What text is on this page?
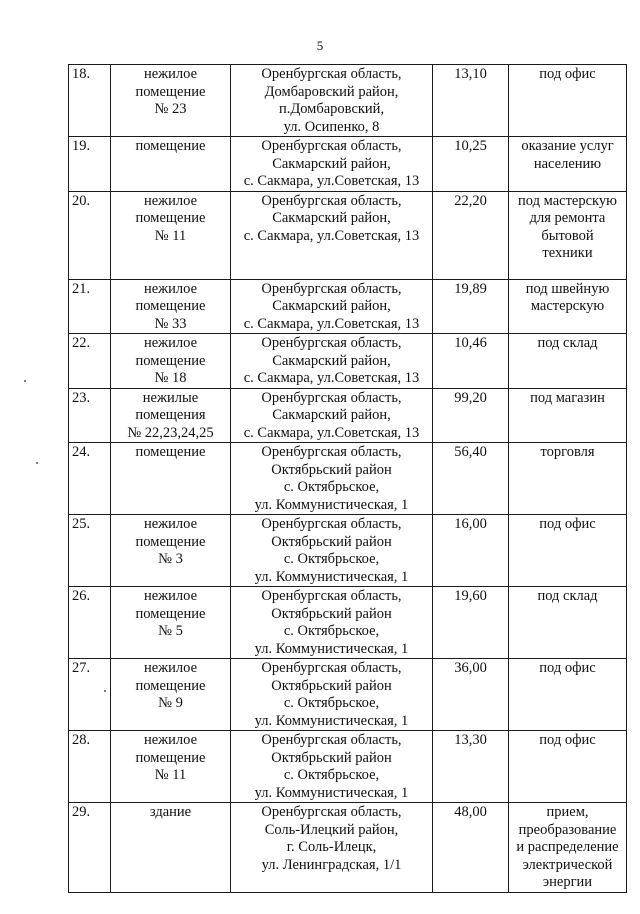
5
18.	нежилое
помещение
№ 23	Оренбургская область,
Домбаровский район,
п.Домбаровский,
ул. Осипенко, 8	13,10	под офис

19.	помещение	Оренбургская область,
Сакмарский район,
с. Сакмара, ул.Советская, 13	10,25	оказание услуг
населению

20.	нежилое
помещение
№ 11	Оренбургская область,
Сакмарский район,
с. Сакмара, ул.Советская, 13	22,20	под мастерскую
для ремонта
бытовой
техники

21.	нежилое
помещение
№ 33	Оренбургская область,
Сакмарский район,
с. Сакмара, ул.Советская, 13	19,89	под швейную
мастерскую

22.	нежилое
помещение
№ 18	Оренбургская область,
Сакмарский район,
с. Сакмара, ул.Советская, 13	10,46	под склад

23.	нежилые
помещения
№ 22,23,24,25	Оренбургская область,
Сакмарский район,
с. Сакмара, ул.Советская, 13	99,20	под магазин

24.	помещение	Оренбургская область,
Октябрьский район
с. Октябрьское,
ул. Коммунистическая, 1	56,40	торговля

25.	нежилое
помещение
№ 3	Оренбургская область,
Октябрьский район
с. Октябрьское,
ул. Коммунистическая, 1	16,00	под офис

26.	нежилое
помещение
№ 5	Оренбургская область,
Октябрьский район
с. Октябрьское,
ул. Коммунистическая, 1	19,60	под склад

27.	нежилое
помещение
№ 9	Оренбургская область,
Октябрьский район
с. Октябрьское,
ул. Коммунистическая, 1	36,00	под офис

28.	нежилое
помещение
№ 11	Оренбургская область,
Октябрьский район
с. Октябрьское,
ул. Коммунистическая, 1	13,30	под офис

29.	здание	Оренбургская область,
Соль-Илецкий район,
г. Соль-Илецк,
ул. Ленинградская, 1/1	48,00	прием,
преобразование
и распределение
электрической
энергии
